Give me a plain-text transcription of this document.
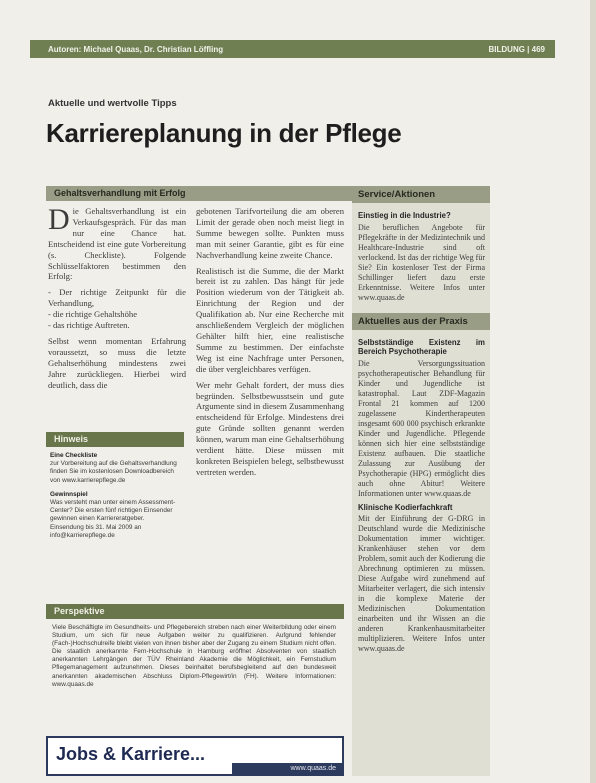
Autoren: Michael Quaas, Dr. Christian Löffling	BILDUNG | 469
Aktuelle und wertvolle Tipps
Karriereplanung in der Pflege
Gehaltsverhandlung mit Erfolg

Die Gehaltsverhandlung ist ein Verkaufsgespräch. Für das man nur eine Chance hat. Entscheidend ist eine gute Vorbereitung (s. Checkliste). Folgende Schlüsselfaktoren bestimmen den Erfolg:

- Der richtige Zeitpunkt für die Verhandlung,
- die richtige Gehaltshöhe
- das richtige Auftreten.

Selbst wenn momentan Erfahrung voraussetzt, so muss die letzte Gehaltserhöhung mindestens zwei Jahre zurückliegen. Hierbei wird deutlich, dass die

gebotenen Tarifvorteilung die am oberen Limit der gerade oben noch meist liegt in Summe bewegen sollte. Punkten muss man mit seiner Garantie, gibt es für eine Nachverhandlung keine zweite Chance.

Realistisch ist die Summe, die der Markt bereit ist zu zahlen. Das hängt für jede Position wiederum von der Tätigkeit ab. Einrichtung der Region und der Qualifikation ab. Nur eine Recherche mit anschließendem Vergleich der möglichen Gehälter hilft hier, eine realistische Summe zu bestimmen. Der einfachste Weg ist eine Nachfrage unter Personen, die über vergleichbares verfügen.

Wer mehr Gehalt fordert, der muss dies begründen. Selbstbewusstsein und gute Argumente sind in diesem Zusammenhang entscheidend für Erfolge. Mindestens drei gute Gründe sollten genannt werden können, warum man eine Gehaltserhöhung verdient hätte. Diese müssen mit konkreten Beispielen belegt, selbstbewusst vertreten werden.

Hinweis

Eine Checkliste
zur Vorbereitung auf die Gehaltsverhandlung finden Sie im kostenlosen Downloadbereich von www.karrierepflege.de

Gewinnspiel
Was versteht man unter einem Assessment-Center? Die ersten fünf richtigen Einsender gewinnen einen Karriereratgeber. Einsendung bis 31. Mai 2009 an info@karrierepflege.de

Perspektive
Viele Beschäftigte im Gesundheits- und Pflegebereich streben nach einer Weiterbildung oder einem Studium, um sich für neue Aufgaben weiter zu qualifizieren. Aufgrund fehlender (Fach-)Hochschulreife bleibt vielen von ihnen bisher aber der Zugang zu einem Studium nicht offen. Die staatlich anerkannte Fern-Hochschule in Hamburg eröffnet Absolventen von staatlich anerkannten Lehrgängen der TÜV Rheinland Akademie die Möglichkeit, ein Fernstudium Pflegemanagement aufzunehmen. Dieses beinhaltet berufsbegleitend auf den bundesweit anerkannten akademischen Abschluss Diplom-Pflegewirt/in (FH). Weitere Informationen: www.quaas.de
Service/Aktionen
Einstieg in die Industrie?

Die beruflichen Angebote für Pflegekräfte in der Medizintechnik und Healthcare-Industrie sind oft verlockend. Ist das der richtige Weg für Sie? Ein kostenloser Test der Firma Schillinger liefert dazu erste Erkenntnisse. Weitere Infos unter www.quaas.de

Aktuelles aus der Praxis
Selbstständige Existenz im Bereich Psychotherapie

Die Versorgungssituation psychotherapeutischer Behandlung für Kinder und Jugendliche ist katastrophal. Laut ZDF-Magazin Frontal 21 kommen auf 1200 zugelassene Kindertherapeuten insgesamt 600 000 psychisch erkrankte Kinder und Jugendliche. Pflegende können sich hier eine selbstständige Existenz aufbauen. Die staatliche Zulassung zur Ausübung der Psychotherapie (HPG) ermöglicht dies auch ohne Abitur! Weitere Informationen unter www.quaas.de

Klinische Kodierfachkraft

Mit der Einführung der G-DRG in Deutschland wurde die Medizinische Dokumentation immer wichtiger. Krankenhäuser stehen vor dem Problem, somit auch der Kodierung die Abrechnung optimieren zu müssen. Diese Aufgabe wird zunehmend auf Mitarbeiter verlagert, die sich intensiv in die komplexe Materie der Medizinischen Dokumentation einarbeiten und ihr Wissen an die anderen Krankenhausmitarbeiter multiplizieren. Weitere Infos unter www.quaas.de

Jobs & Karriere...
www.quaas.de
